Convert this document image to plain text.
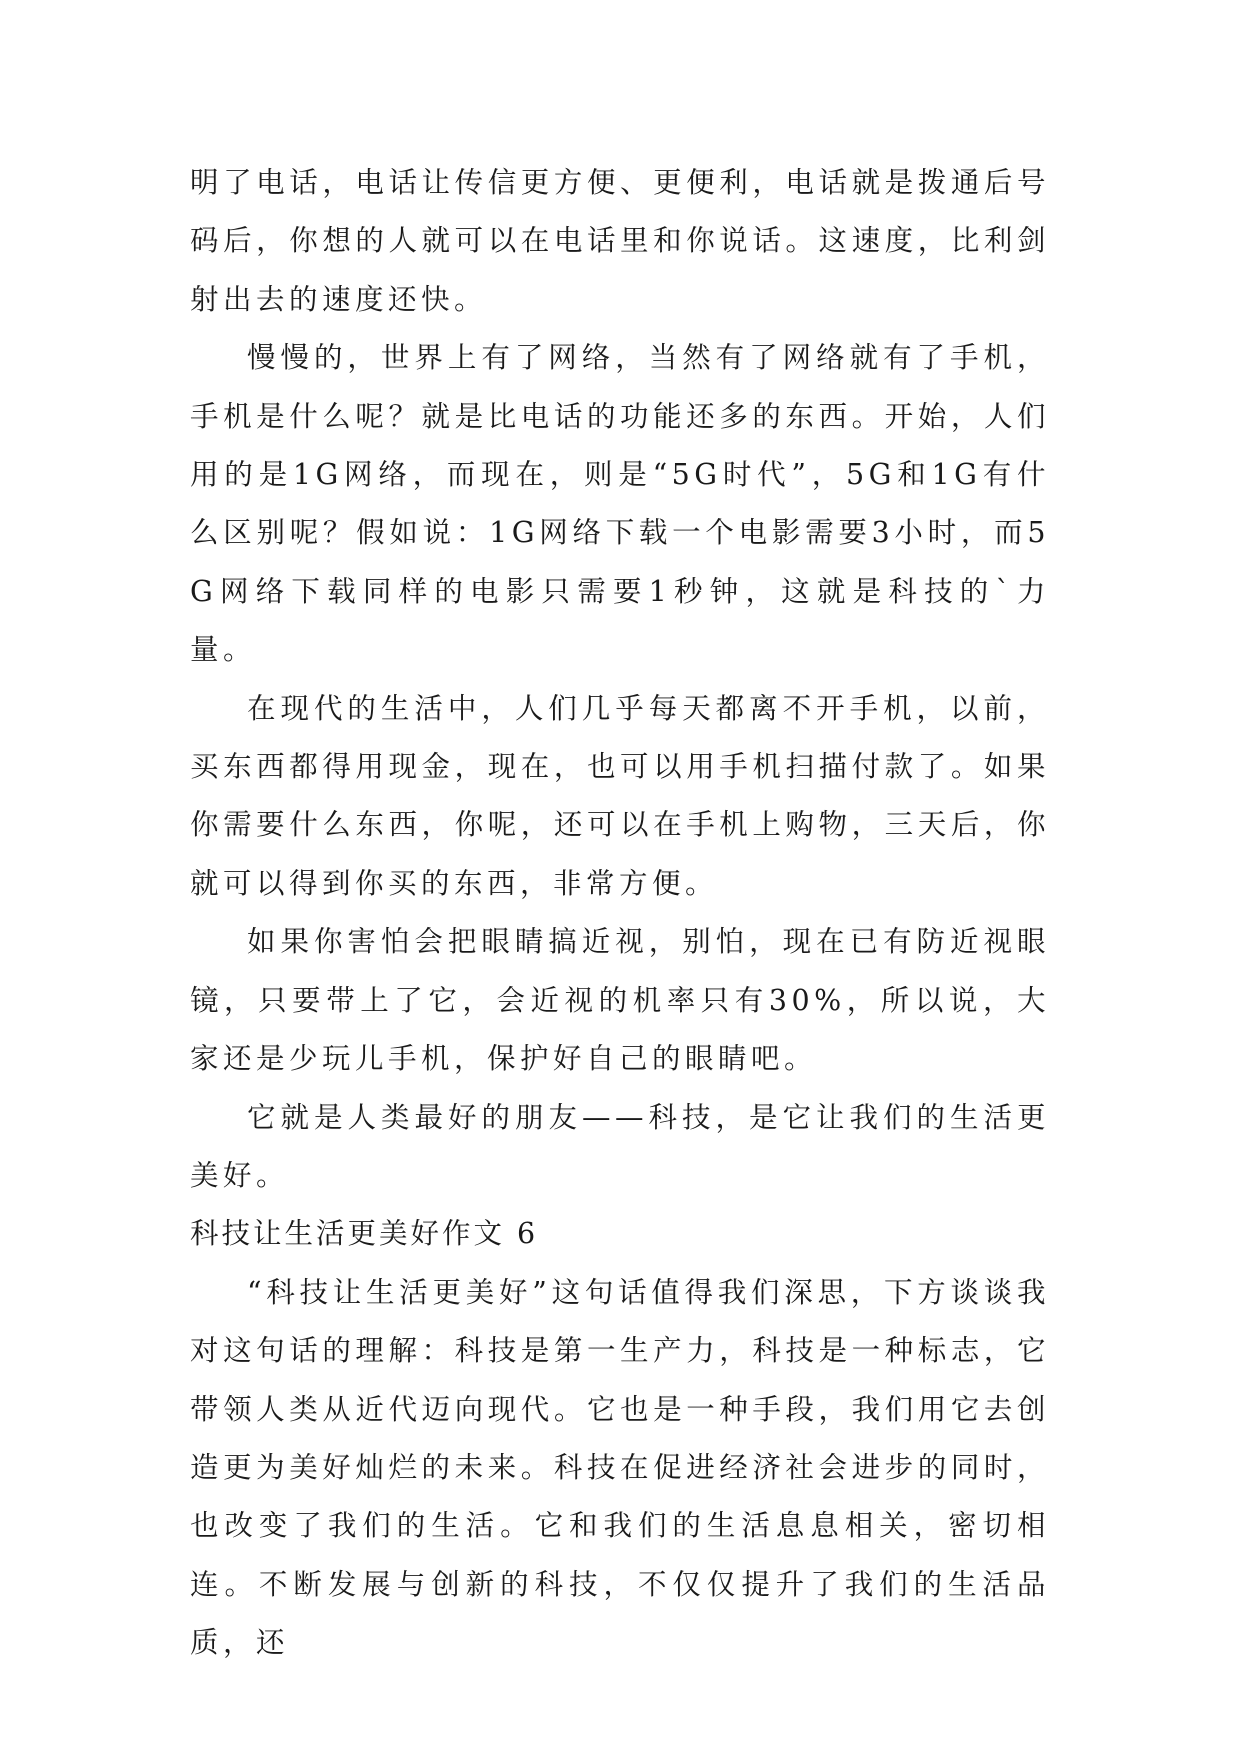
明了电话，电话让传信更方便、更便利，电话就是拨通后号码后，你想的人就可以在电话里和你说话。这速度，比利剑射出去的速度还快。

慢慢的，世界上有了网络，当然有了网络就有了手机，手机是什么呢？就是比电话的功能还多的东西。开始，人们用的是1G网络，而现在，则是“5G时代”，5G和1G有什么区别呢？假如说：1G网络下载一个电影需要3小时，而5G网络下载同样的电影只需要1秒钟，这就是科技的`力量。

在现代的生活中，人们几乎每天都离不开手机，以前，买东西都得用现金，现在，也可以用手机扫描付款了。如果你需要什么东西，你呢，还可以在手机上购物，三天后，你就可以得到你买的东西，非常方便。

如果你害怕会把眼睛搞近视，别怕，现在已有防近视眼镜，只要带上了它，会近视的机率只有30%，所以说，大家还是少玩儿手机，保护好自己的眼睛吧。

它就是人类最好的朋友——科技，是它让我们的生活更美好。

科技让生活更美好作文 6

“科技让生活更美好”这句话值得我们深思，下方谈谈我对这句话的理解：科技是第一生产力，科技是一种标志，它带领人类从近代迈向现代。它也是一种手段，我们用它去创造更为美好灿烂的未来。科技在促进经济社会进步的同时，也改变了我们的生活。它和我们的生活息息相关，密切相连。不断发展与创新的科技，不仅仅提升了我们的生活品质，还
